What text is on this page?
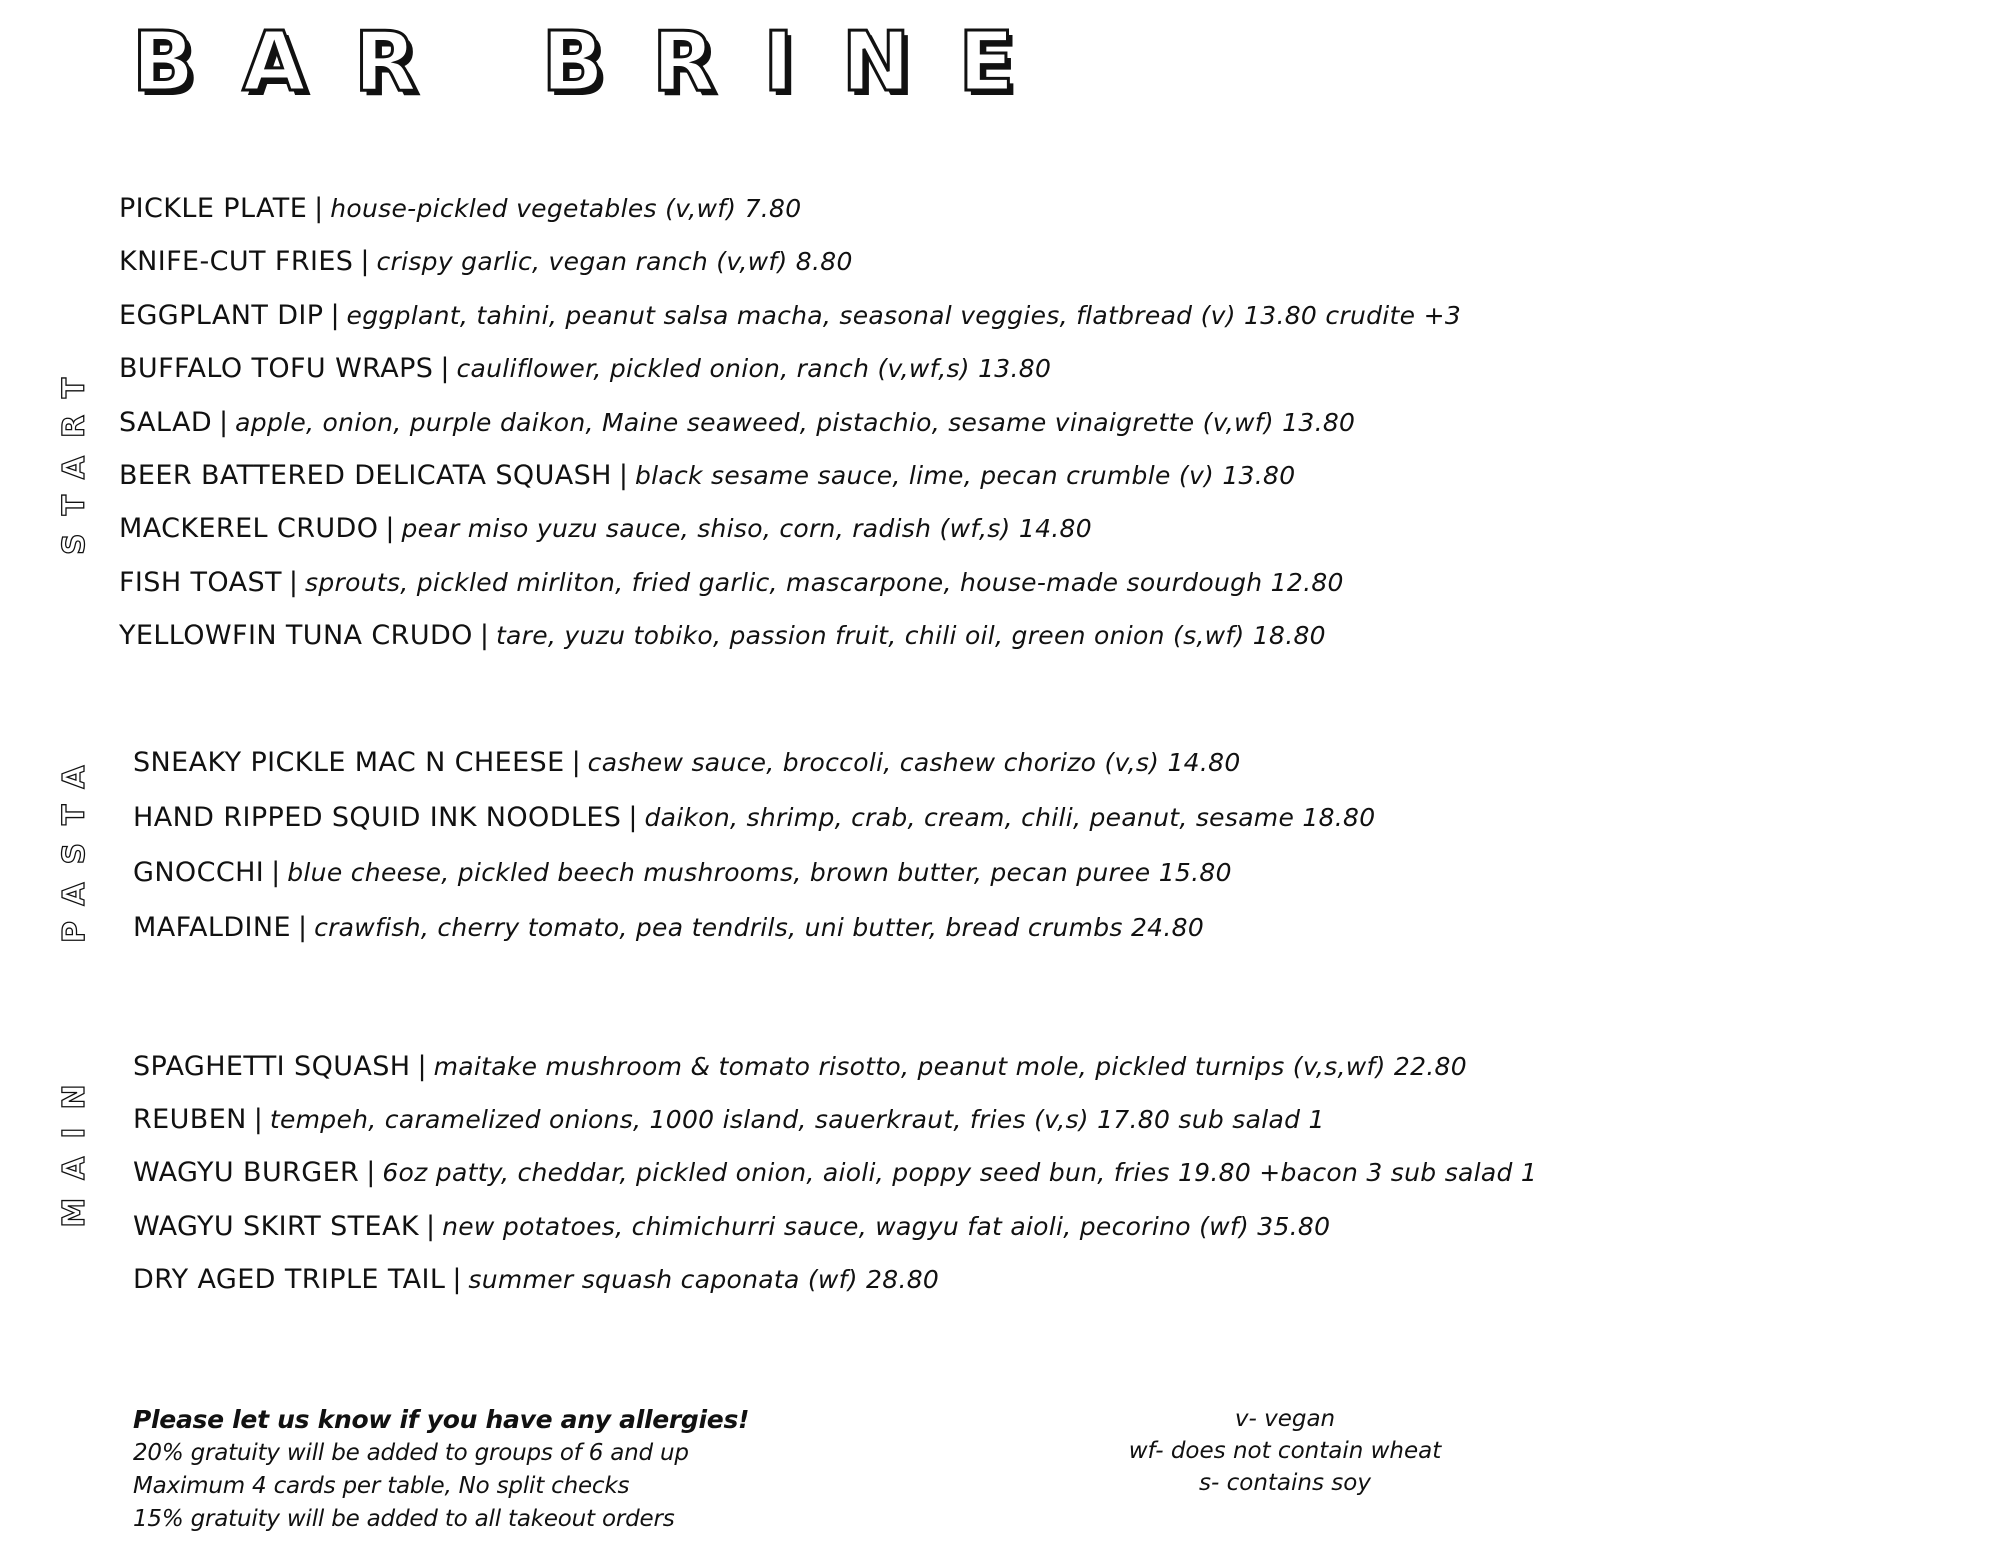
BAR BRINE
START
PICKLE PLATE | house-pickled vegetables (v,wf) 7.80
KNIFE-CUT FRIES | crispy garlic, vegan ranch (v,wf) 8.80
EGGPLANT DIP | eggplant, tahini, peanut salsa macha, seasonal veggies, flatbread (v) 13.80 crudite +3
BUFFALO TOFU WRAPS | cauliflower, pickled onion, ranch (v,wf,s) 13.80
SALAD | apple, onion, purple daikon, Maine seaweed, pistachio, sesame vinaigrette (v,wf) 13.80
BEER BATTERED DELICATA SQUASH | black sesame sauce, lime, pecan crumble (v) 13.80
MACKEREL CRUDO | pear miso yuzu sauce, shiso, corn, radish (wf,s) 14.80
FISH TOAST | sprouts, pickled mirliton, fried garlic, mascarpone, house-made sourdough 12.80
YELLOWFIN TUNA CRUDO | tare, yuzu tobiko, passion fruit, chili oil, green onion (s,wf) 18.80
PASTA SNEAKY PICKLE MAC N CHEESE | cashew sauce, broccoli, cashew chorizo (v,s) 14.80
HAND RIPPED SQUID INK NOODLES | daikon, shrimp, crab, cream, chili, peanut, sesame 18.80
GNOCCHI | blue cheese, pickled beech mushrooms, brown butter, pecan puree 15.80
MAFALDINE | crawfish, cherry tomato, pea tendrils, uni butter, bread crumbs 24.80
MAIN SPAGHETTI SQUASH | maitake mushroom & tomato risotto, peanut mole, pickled turnips (v,s,wf) 22.80
REUBEN | tempeh, caramelized onions, 1000 island, sauerkraut, fries (v,s) 17.80 sub salad 1
WAGYU BURGER | 6oz patty, cheddar, pickled onion, aioli, poppy seed bun, fries 19.80 +bacon 3 sub salad 1
WAGYU SKIRT STEAK | new potatoes, chimichurri sauce, wagyu fat aioli, pecorino (wf) 35.80
DRY AGED TRIPLE TAIL | summer squash caponata (wf) 28.80
Please let us know if you have any allergies!
20% gratuity will be added to groups of 6 and up
Maximum 4 cards per table, No split checks
15% gratuity will be added to all takeout orders
v- vegan
wf- does not contain wheat
s- contains soy
